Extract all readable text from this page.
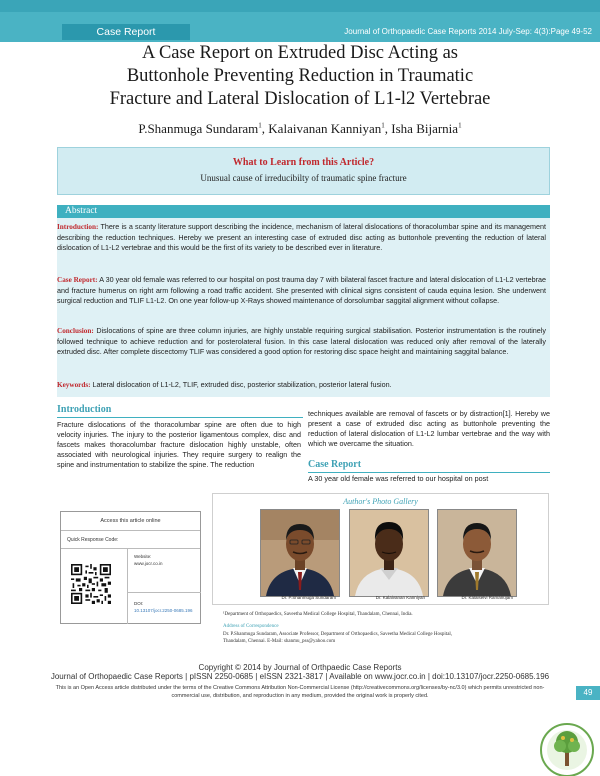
Case Report	Journal of Orthopaedic Case Reports 2014 July-Sep: 4(3):Page 49-52
A Case Report on Extruded Disc Acting as
Buttonhole Preventing Reduction in Traumatic
Fracture and Lateral Dislocation of L1-l2 Vertebrae
P.Shanmuga Sundaram$^1$, Kalaivanan Kanniyan$^1$, Isha Bijarnia$^1$
What to Learn from this Article?
Unusual cause of irreducibilty of traumatic spine fracture
Abstract
Introduction: There is a scanty literature support describing the incidence, mechanism of lateral dislocations of thoracolumbar spine and its management describing the reduction techniques. Hereby we present an interesting case of extruded disc acting as buttonhole preventing the reduction of lateral dislocation of L1-L2 vertebrae and this would be the first of its variety to be described ever in literature.
Case Report: A 30 year old female was referred to our hospital on post trauma day 7 with bilateral fascet fracture and lateral dislocation of L1-L2 vertebrae and fracture humerus on right arm following a road traffic accident. She presented with clinical signs consistent of cauda equina lesion. She underwent surgical reduction and TLIF L1-L2. On one year follow-up X-Rays showed maintenance of dorsolumbar saggital alignment without collapse.
Conclusion: Dislocations of spine are three column injuries, are highly unstable requiring surgical stabilisation. Posterior instrumentation is the routinely followed technique to achieve reduction and for posterolateral fusion. In this case lateral dislocation was reduced only after removal of the laterally extruded disc. After complete discectomy TLIF was considered a good option for restoring disc space height and maintaining saggital balance.
Keywords: Lateral dislocation of L1-L2, TLIF, extruded disc, posterior stabilization, posterior lateral fusion.
Introduction
Fracture dislocations of the thoracolumbar spine are often due to high velocity injuries. The injury to the posterior ligamentous complex, disc and fascets makes thoracolumbar fracture dislocation highly unstable, often associated with neurological injuries. They require surgery to realign the spine and instrumentation to stabilize the spine. The reduction
techniques available are removal of fascets or by distraction[1]. Hereby we present a case of extruded disc acting as buttonhole preventing the reduction of lateral dislocation of L1-L2 lumbar vertebrae and the way with which we overcame the situation.
Case Report
A 30 year old female was referred to our hospital on post
Access this article online
Quick Response Code:
Website:
www.jocr.co.in
DOI:
10.13107/jocr.2250-0685.196
Author's Photo Gallery
Dr. P.Shanmuga Sundaram	Dr. Kalaivanan Kanniyan	Dr. Kalaiselvi Ramanujam
¹Department of Orthopaedics, Saveetha Medical College Hospital, Thandalam, Chennai, India.
Address of Correspondence
Dr. P.Shanmuga Sundaram, Associate Professor, Department of Orthopaedics, Saveetha Medical College Hospital,
Thandalam, Chennai. E-Mail: shanmu_pss@yahoo.com
Copyright © 2014 by Journal of Orthpaedic Case Reports
Journal of Orthopaedic Case Reports | pISSN 2250-0685 | eISSN 2321-3817 | Available on www.jocr.co.in | doi:10.13107/jocr.2250-0685.196
This is an Open Access article distributed under the terms of the Creative Commons Attribution Non-Commercial License (http://creativecommons.org/licenses/by-nc/3.0) which permits unrestricted non-commercial use, distribution, and reproduction in any medium, provided the original work is properly cited.	49
